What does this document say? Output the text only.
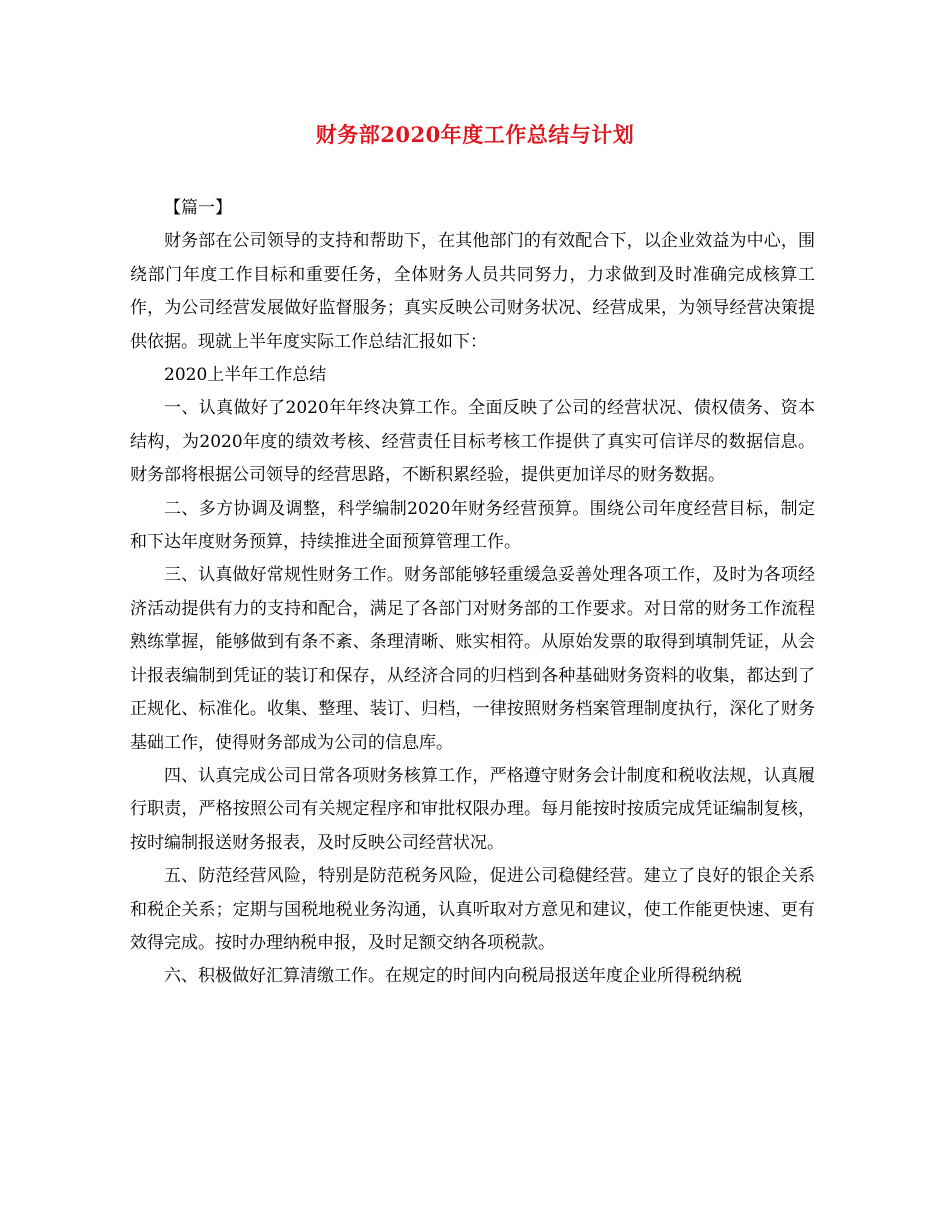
财务部2020年度工作总结与计划

【篇一】

财务部在公司领导的支持和帮助下，在其他部门的有效配合下，以企业效益为中心，围绕部门年度工作目标和重要任务，全体财务人员共同努力，力求做到及时准确完成核算工作，为公司经营发展做好监督服务；真实反映公司财务状况、经营成果，为领导经营决策提供依据。现就上半年度实际工作总结汇报如下：

2020上半年工作总结

一、认真做好了2020年年终决算工作。全面反映了公司的经营状况、债权债务、资本结构，为2020年度的绩效考核、经营责任目标考核工作提供了真实可信详尽的数据信息。财务部将根据公司领导的经营思路，不断积累经验，提供更加详尽的财务数据。

二、多方协调及调整，科学编制2020年财务经营预算。围绕公司年度经营目标，制定和下达年度财务预算，持续推进全面预算管理工作。

三、认真做好常规性财务工作。财务部能够轻重缓急妥善处理各项工作，及时为各项经济活动提供有力的支持和配合，满足了各部门对财务部的工作要求。对日常的财务工作流程熟练掌握，能够做到有条不紊、条理清晰、账实相符。从原始发票的取得到填制凭证，从会计报表编制到凭证的装订和保存，从经济合同的归档到各种基础财务资料的收集，都达到了正规化、标准化。收集、整理、装订、归档，一律按照财务档案管理制度执行，深化了财务基础工作，使得财务部成为公司的信息库。

四、认真完成公司日常各项财务核算工作，严格遵守财务会计制度和税收法规，认真履行职责，严格按照公司有关规定程序和审批权限办理。每月能按时按质完成凭证编制复核，按时编制报送财务报表，及时反映公司经营状况。

五、防范经营风险，特别是防范税务风险，促进公司稳健经营。建立了良好的银企关系和税企关系；定期与国税地税业务沟通，认真听取对方意见和建议，使工作能更快速、更有效得完成。按时办理纳税申报，及时足额交纳各项税款。

六、积极做好汇算清缴工作。在规定的时间内向税局报送年度企业所得税纳税
